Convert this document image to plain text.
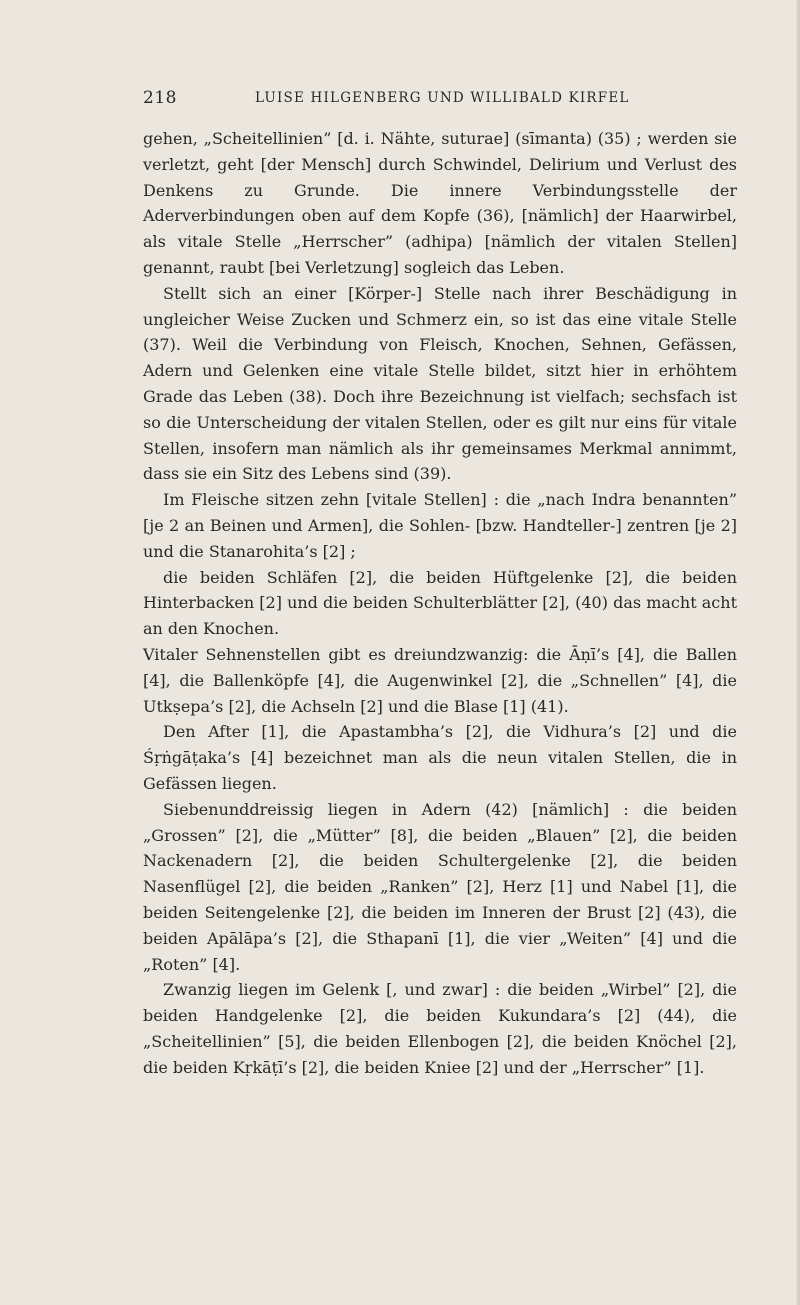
218	LUISE HILGENBERG UND WILLIBALD KIRFEL

gehen, „Scheitellinien” [d. i. Nähte, suturae] (sīmanta) (35) ; werden sie verletzt, geht [der Mensch] durch Schwindel, Delirium und Verlust des Denkens zu Grunde. Die innere Verbindungsstelle der Aderverbindungen oben auf dem Kopfe (36), [nämlich] der Haarwirbel, als vitale Stelle „Herrscher” (adhipa) [nämlich der vitalen Stellen] genannt, raubt [bei Verletzung] sogleich das Leben.

Stellt sich an einer [Körper-] Stelle nach ihrer Beschädigung in ungleicher Weise Zucken und Schmerz ein, so ist das eine vitale Stelle (37). Weil die Verbindung von Fleisch, Knochen, Sehnen, Gefässen, Adern und Gelenken eine vitale Stelle bildet, sitzt hier in erhöhtem Grade das Leben (38). Doch ihre Bezeichnung ist vielfach; sechsfach ist so die Unterscheidung der vitalen Stellen, oder es gilt nur eins für vitale Stellen, insofern man nämlich als ihr gemeinsames Merkmal annimmt, dass sie ein Sitz des Lebens sind (39).

Im Fleische sitzen zehn [vitale Stellen] : die „nach Indra benannten” [je 2 an Beinen und Armen], die Sohlen- [bzw. Handteller-] zentren [je 2] und die Stanarohita’s [2] ;

die beiden Schläfen [2], die beiden Hüftgelenke [2], die beiden Hinterbacken [2] und die beiden Schulterblätter [2], (40) das macht acht an den Knochen.

Vitaler Sehnenstellen gibt es dreiundzwanzig: die Āṇī’s [4], die Ballen [4], die Ballenköpfe [4], die Augenwinkel [2], die „Schnellen” [4], die Utkṣepa’s [2], die Achseln [2] und die Blase [1] (41).

Den After [1], die Apastambha’s [2], die Vidhura’s [2] und die Śṛṅgāṭaka’s [4] bezeichnet man als die neun vitalen Stellen, die in Gefässen liegen.

Siebenunddreissig liegen in Adern (42) [nämlich] : die beiden „Grossen” [2], die „Mütter” [8], die beiden „Blauen” [2], die beiden Nackenadern [2], die beiden Schultergelenke [2], die beiden Nasenflügel [2], die beiden „Ranken” [2], Herz [1] und Nabel [1], die beiden Seitengelenke [2], die beiden im Inneren der Brust [2] (43), die beiden Apālāpa’s [2], die Sthapanī [1], die vier „Weiten” [4] und die „Roten” [4].

Zwanzig liegen im Gelenk [, und zwar] : die beiden „Wirbel” [2], die beiden Handgelenke [2], die beiden Kukundara’s [2] (44), die „Scheitellinien” [5], die beiden Ellenbogen [2], die beiden Knöchel [2], die beiden Kṛkāṭī’s [2], die beiden Kniee [2] und der „Herrscher” [1].
